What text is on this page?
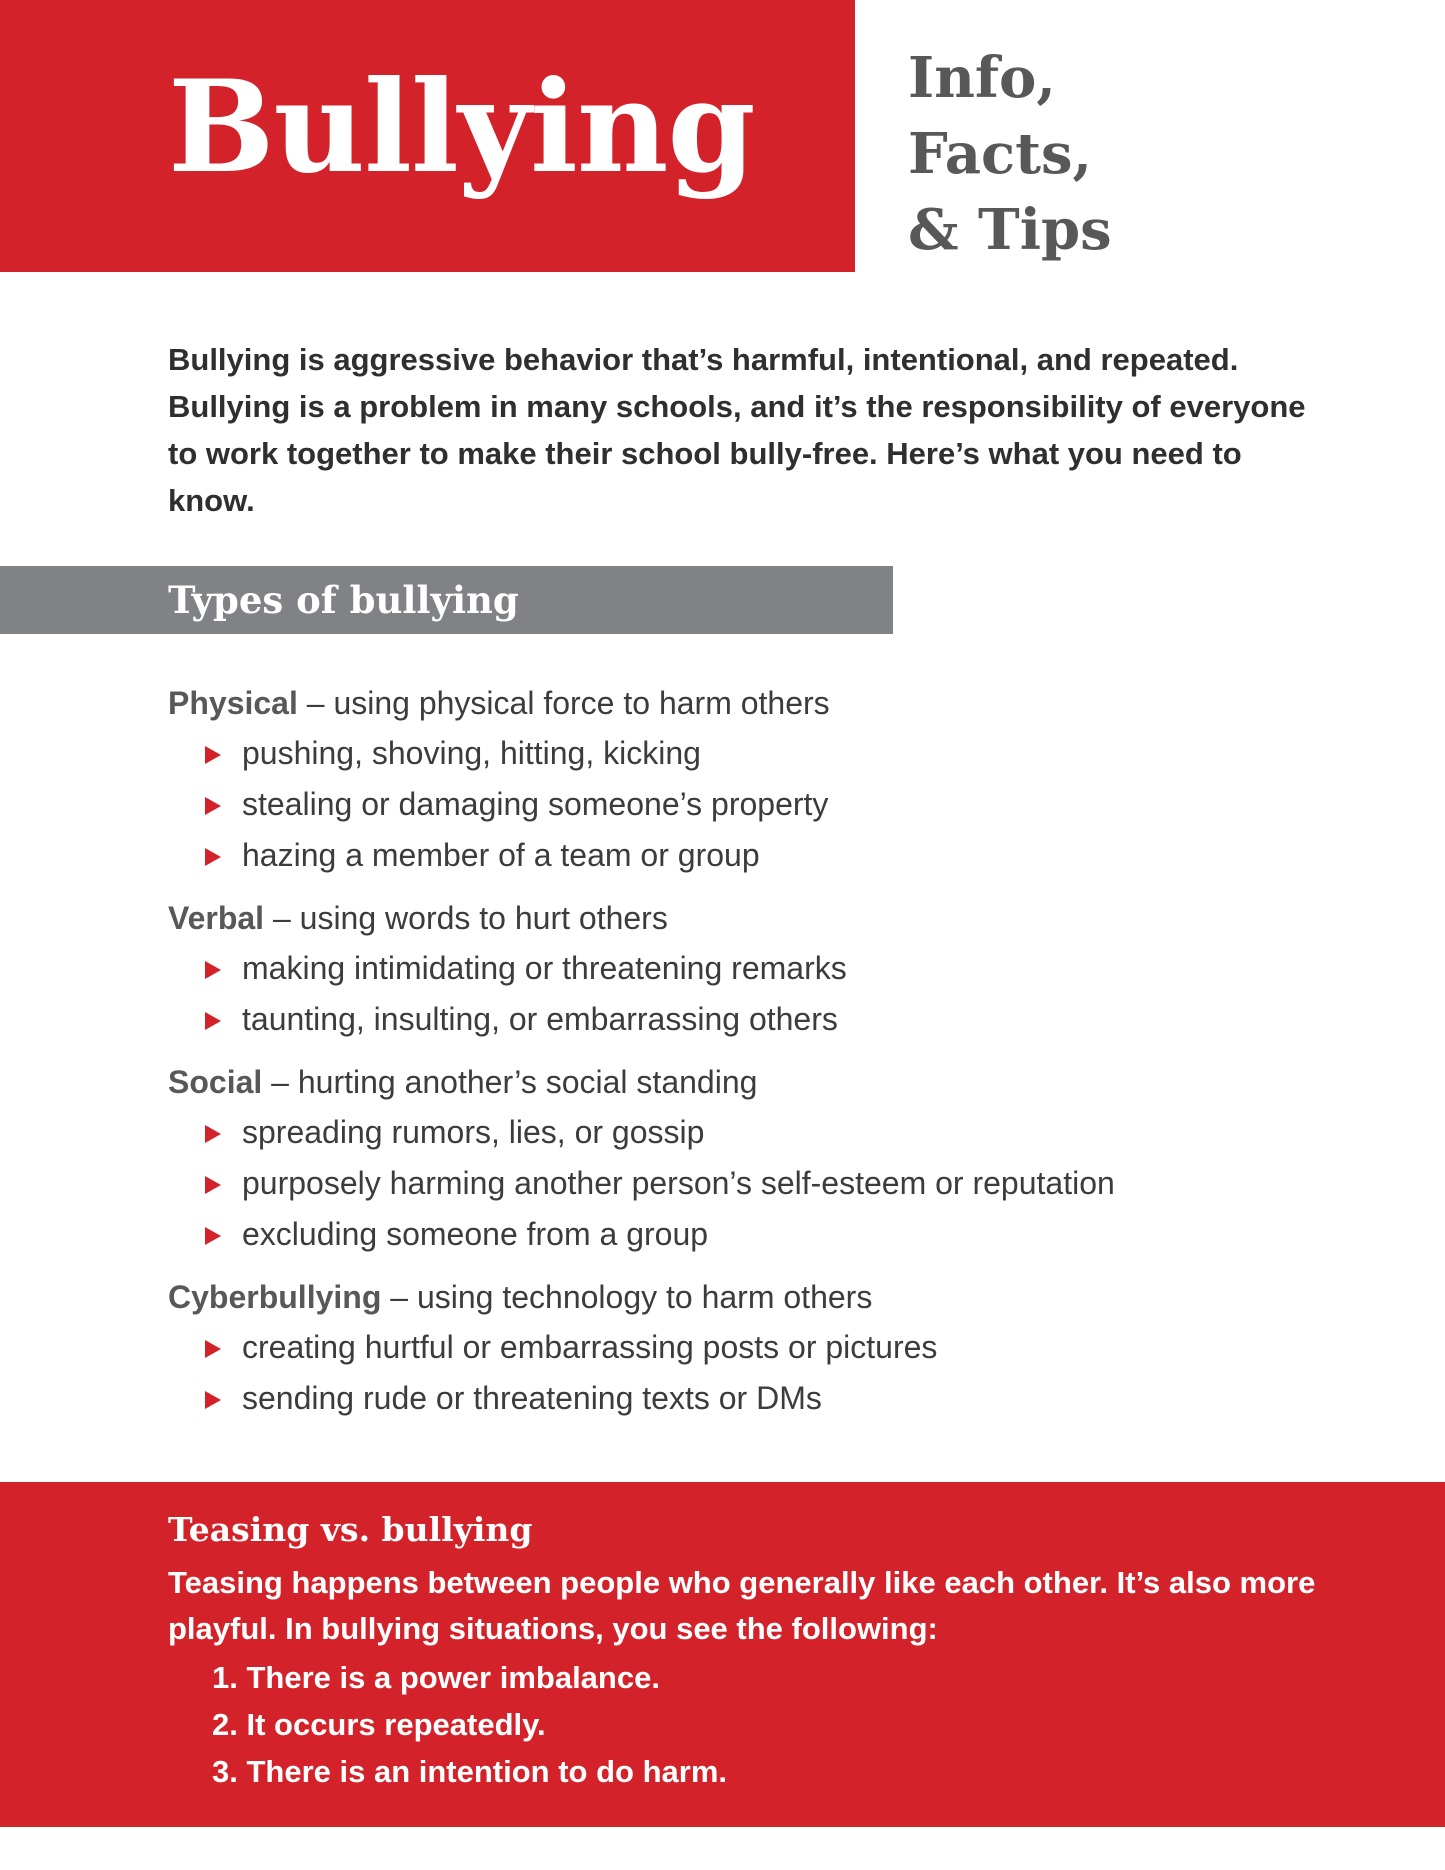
Bullying	Info,
Facts,
& Tips

Bullying is aggressive behavior that’s harmful, intentional, and repeated. Bullying is a problem in many schools, and it’s the responsibility of everyone to work together to make their school bully-free. Here’s what you need to know.

Types of bullying
Physical – using physical force to harm others
pushing, shoving, hitting, kicking
stealing or damaging someone’s property
hazing a member of a team or group
Verbal – using words to hurt others
making intimidating or threatening remarks
taunting, insulting, or embarrassing others
Social – hurting another’s social standing
spreading rumors, lies, or gossip
purposely harming another person’s self-esteem or reputation
excluding someone from a group
Cyberbullying – using technology to harm others
creating hurtful or embarrassing posts or pictures
sending rude or threatening texts or DMs
Teasing vs. bullying

Teasing happens between people who generally like each other. It’s also more playful. In bullying situations, you see the following:

1. There is a power imbalance.
2. It occurs repeatedly.
3. There is an intention to do harm.
